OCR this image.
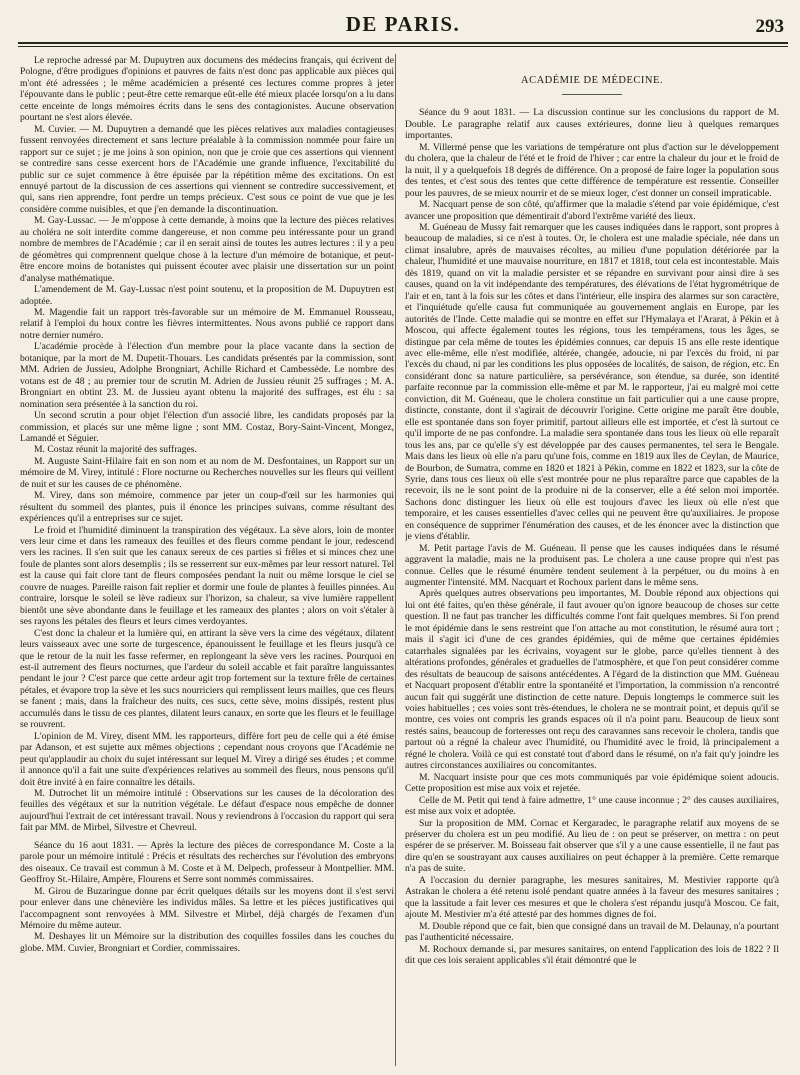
DE PARIS.	293

Le reproche adressé par M. Dupuytren aux documens des médecins français, qui écrivent de Pologne, d'être prodigues d'opinions et pauvres de faits n'est donc pas applicable aux pièces qui m'ont été adressées ; le même académicien a présenté ces lectures comme propres à jeter l'épouvante dans le public ; peut-être cette remarque eût-elle été mieux placée lorsqu'on a lu dans cette enceinte de longs mémoires écrits dans le sens des contagionistes. Aucune observation pourtant ne s'est alors élevée.

M. Cuvier. — M. Dupuytren a demandé que les pièces relatives aux maladies contagieuses fussent renvoyées directement et sans lecture préalable à la commission nommée pour faire un rapport sur ce sujet ; je me joins à son opinion, non que je croie que ces assertions qui viennent se contredire sans cesse exercent hors de l'Académie une grande influence, l'excitabilité du public sur ce sujet commence à être épuisée par la répétition même des excitations. On est ennuyé partout de la discussion de ces assertions qui viennent se contredire successivement, et qui, sans rien apprendre, font perdre un temps précieux. C'est sous ce point de vue que je les considère comme nuisibles, et que j'en demande la discontinuation.

M. Gay-Lussac. — Je m'oppose à cette demande, à moins que la lecture des pièces relatives au choléra ne soit interdite comme dangereuse, et non comme peu intéressante pour un grand nombre de membres de l'Académie ; car il en serait ainsi de toutes les autres lectures : il y a peu de géomètres qui comprennent quelque chose à la lecture d'un mémoire de botanique, et peut-être encore moins de botanistes qui puissent écouter avec plaisir une dissertation sur un point d'analyse mathématique.

L'amendement de M. Gay-Lussac n'est point soutenu, et la proposition de M. Dupuytren est adoptée.

M. Magendie fait un rapport très-favorable sur un mémoire de M. Emmanuel Rousseau, relatif à l'emploi du houx contre les fièvres intermittentes. Nous avons publié ce rapport dans notre dernier numéro.

L'académie procède à l'élection d'un membre pour la place vacante dans la section de botanique, par la mort de M. Dupetit-Thouars. Les candidats présentés par la commission, sont MM. Adrien de Jussieu, Adolphe Brongniart, Achille Richard et Cambessède. Le nombre des votans est de 48 ; au premier tour de scrutin M. Adrien de Jussieu réunit 25 suffrages ; M. A. Brongniart en obtint 23. M. de Jussieu ayant obtenu la majorité des suffrages, est élu : sa nomination sera présentée à la sanction du roi.

Un second scrutin a pour objet l'élection d'un associé libre, les candidats proposés par la commission, et placés sur une même ligne ; sont MM. Costaz, Bory-Saint-Vincent, Mongez, Lamandé et Séguier.

M. Costaz réunit la majorité des suffrages.

M. Auguste Saint-Hilaire fait en son nom et au nom de M. Desfontaines, un Rapport sur un mémoire de M. Virey, intitulé : Flore nocturne ou Recherches nouvelles sur les fleurs qui veillent de nuit et sur les causes de ce phénomène.

M. Virey, dans son mémoire, commence par jeter un coup-d'œil sur les harmonies qui résultent du sommeil des plantes, puis il énonce les principes suivans, comme résultant des expériences qu'il a entreprises sur ce sujet.

Le froid et l'humidité diminuent la transpiration des végétaux. La sève alors, loin de monter vers leur cime et dans les rameaux des feuilles et des fleurs comme pendant le jour, redescend vers les racines. Il s'en suit que les canaux sereux de ces parties si frêles et si minces chez une foule de plantes sont alors desemplis ; ils se resserrent sur eux-mêmes par leur ressort naturel. Tel est la cause qui fait clore tant de fleurs composées pendant la nuit ou même lorsque le ciel se couvre de nuages. Pareille raison fait replier et dormir une foule de plantes à feuilles pinnées. Au contraire, lorsque le soleil se lève radieux sur l'horizon, sa chaleur, sa vive lumière rappellent bientôt une sève abondante dans le feuillage et les rameaux des plantes ; alors on voit s'étaler à ses rayons les pétales des fleurs et leurs cimes verdoyantes.

C'est donc la chaleur et la lumière qui, en attirant la sève vers la cime des végétaux, dilatent leurs vaisseaux avec une sorte de turgescence, épanouissent le feuillage et les fleurs jusqu'à ce que le retour de la nuit les fasse refermer, en replongeant la sève vers les racines. Pourquoi en est-il autrement des fleurs nocturnes, que l'ardeur du soleil accable et fait paraître languissantes pendant le jour ? C'est parce que cette ardeur agit trop fortement sur la texture frêle de certaines pétales, et évapore trop la sève et les sucs nourriciers qui remplissent leurs mailles, que ces fleurs se fanent ; mais, dans la fraîcheur des nuits, ces sucs, cette sève, moins dissipés, restent plus accumulés dans le tissu de ces plantes, dilatent leurs canaux, en sorte que les fleurs et le feuillage se rouvrent.

L'opinion de M. Virey, disent MM. les rapporteurs, diffère fort peu de celle qui a été émise par Adanson, et est sujette aux mêmes objections ; cependant nous croyons que l'Académie ne peut qu'applaudir au choix du sujet intéressant sur lequel M. Virey a dirigé ses études ; et comme il annonce qu'il a fait une suite d'expériences relatives au sommeil des fleurs, nous pensons qu'il doit être invité à en faire connaître les détails.

M. Dutrochet lit un mémoire intitulé : Observations sur les causes de la décoloration des feuilles des végétaux et sur la nutrition végétale. Le défaut d'espace nous empêche de donner aujourd'hui l'extrait de cet intéressant travail. Nous y reviendrons à l'occasion du rapport qui sera fait par MM. de Mirbel, Silvestre et Chevreul.

Séance du 16 aout 1831. — Après la lecture des pièces de correspondance M. Coste a la parole pour un mémoire intitulé : Précis et résultats des recherches sur l'évolution des embryons des oiseaux. Ce travail est commun à M. Coste et à M. Delpech, professeur à Montpellier. MM. Geoffroy St.-Hilaire, Ampère, Flourens et Serre sont nommés commissaires.

M. Girou de Buzaringue donne par écrit quelques détails sur les moyens dont il s'est servi pour enlever dans une chènevière les individus mâles. Sa lettre et les pièces justificatives qui l'accompagnent sont renvoyées à MM. Silvestre et Mirbel, déjà chargés de l'examen d'un Mémoire du même auteur.

M. Deshayes lit un Mémoire sur la distribution des coquilles fossiles dans les couches du globe. MM. Cuvier, Brongniart et Cordier, commissaires.

ACADÉMIE DE MÉDECINE.

Séance du 9 aout 1831. — La discussion continue sur les conclusions du rapport de M. Double. Le paragraphe relatif aux causes extérieures, donne lieu à quelques remarques importantes.

M. Villermé pense que les variations de température ont plus d'action sur le développement du cholera, que la chaleur de l'été et le froid de l'hiver ; car entre la chaleur du jour et le froid de la nuit, il y a quelquefois 18 degrés de différence. On a proposé de faire loger la population sous des tentes, et c'est sous des tentes que cette différence de température est ressentie. Conseiller pour les pauvres, de se mieux nourrir et de se mieux loger, c'est donner un conseil impraticable.

M. Nacquart pense de son côté, qu'affirmer que la maladie s'étend par voie épidémique, c'est avancer une proposition que démentirait d'abord l'extrême variété des lieux.

M. Guéneau de Mussy fait remarquer que les causes indiquées dans le rapport, sont propres à beaucoup de maladies, si ce n'est à toutes. Or, le cholera est une maladie spéciale, née dans un climat insalubre, après de mauvaises récoltes, au milieu d'une population détériorée par la chaleur, l'humidité et une mauvaise nourriture, en 1817 et 1818, tout cela est incontestable. Mais dès 1819, quand on vit la maladie persister et se répandre en survivant pour ainsi dire à ses causes, quand on la vit indépendante des températures, des élévations de l'état hygrométrique de l'air et en, tant à la fois sur les côtes et dans l'intérieur, elle inspira des alarmes sur son caractère, et l'inquiétude qu'elle causa fut communiquée au gouvernement anglais en Europe, par les autorités de l'Inde. Cette maladie qui se montre en effet sur l'Hymalaya et l'Ararat, à Pékin et à Moscou, qui affecte également toutes les régions, tous les tempéramens, tous les âges, se distingue par cela même de toutes les épidémies connues, car depuis 15 ans elle reste identique avec elle-même, elle n'est modifiée, altérée, changée, adoucie, ni par l'excès du froid, ni par l'excès du chaud, ni par les conditions les plus opposées de localités, de saison, de région, etc. En considérant donc sa nature particulière, sa persévérance, son étendue, sa durée, son identité parfaite reconnue par la commission elle-même et par M. le rapporteur, j'ai eu malgré moi cette conviction, dit M. Guéneau, que le cholera constitue un fait particulier qui a une cause propre, distincte, constante, dont il s'agirait de découvrir l'origine. Cette origine me paraît être double, elle est spontanée dans son foyer primitif, partout ailleurs elle est importée, et c'est là surtout ce qu'il importe de ne pas confondre. La maladie sera spontanée dans tous les lieux où elle reparaît tous les ans, par ce qu'elle s'y est développée par des causes permanentes, tel sera le Bengale. Mais dans les lieux où elle n'a paru qu'une fois, comme en 1819 aux îles de Ceylan, de Maurice, de Bourbon, de Sumatra, comme en 1820 et 1821 à Pékin, comme en 1822 et 1823, sur la côte de Syrie, dans tous ces lieux où elle s'est montrée pour ne plus reparaître parce que capables de la recevoir, ils ne le sont point de la produire ni de la conserver, elle a été selon moi importée. Sachons donc distinguer les lieux où elle est toujours d'avec les lieux où elle n'est que temporaire, et les causes essentielles d'avec celles qui ne peuvent être qu'auxiliaires. Je propose en conséquence de supprimer l'énumération des causes, et de les énoncer avec la distinction que je viens d'établir.

M. Petit partage l'avis de M. Guéneau. Il pense que les causes indiquées dans le résumé aggravent la maladie, mais ne la produisent pas. Le cholera a une cause propre qui n'est pas connue. Celles que le résumé énumère tendent seulement à la perpétuer, ou du moins à en augmenter l'intensité. MM. Nacquart et Rochoux parlent dans le même sens.

Après quelques autres observations peu importantes, M. Double répond aux objections qui lui ont été faites, qu'en thèse générale, il faut avouer qu'on ignore beaucoup de choses sur cette question. Il ne faut pas trancher les difficultés comme l'ont fait quelques membres. Si l'on prend le mot épidémie dans le sens restreint que l'on attache au mot constitution, le résumé aura tort ; mais il s'agit ici d'une de ces grandes épidémies, qui de même que certaines épidémies catarrhales signalées par les écrivains, voyagent sur le globe, parce qu'elles tiennent à des altérations profondes, générales et graduelles de l'atmosphère, et que l'on peut considérer comme des résultats de beaucoup de saisons antécédentes. A l'égard de la distinction que MM. Guéneau et Nacquart proposent d'établir entre la spontanéité et l'importation, la commission n'a rencontré aucun fait qui suggérât une distinction de cette nature. Depuis longtemps le commerce suit les voies habituelles ; ces voies sont très-étendues, le cholera ne se montrait point, et depuis qu'il se montre, ces voies ont compris les grands espaces où il n'a point paru. Beaucoup de lieux sont restés sains, beaucoup de forteresses ont reçu des caravannes sans recevoir le cholera, tandis que partout où a régné la chaleur avec l'humidité, ou l'humidité avec le froid, là principalement a régné le cholera. Voilà ce qui est constaté tout d'abord dans le résumé, on n'a fait qu'y joindre les autres circonstances auxiliaires ou concomitantes.

M. Nacquart insiste pour que ces mots communiqués par voie épidémique soient adoucis. Cette proposition est mise aux voix et rejetée.

Celle de M. Petit qui tend à faire admettre, 1° une cause inconnue ; 2° des causes auxiliaires, est mise aux voix et adoptée.

Sur la proposition de MM. Cornac et Kergaradec, le paragraphe relatif aux moyens de se préserver du cholera est un peu modifié. Au lieu de : on peut se préserver, on mettra : on peut espérer de se préserver. M. Boisseau fait observer que s'il y a une cause essentielle, il ne faut pas dire qu'en se soustrayant aux causes auxiliaires on peut échapper à la première. Cette remarque n'a pas de suite.

A l'occasion du dernier paragraphe, les mesures sanitaires, M. Mestivier rapporte qu'à Astrakan le cholera a été retenu isolé pendant quatre années à la faveur des mesures sanitaires ; que la lassitude a fait lever ces mesures et que le cholera s'est répandu jusqu'à Moscou. Ce fait, ajoute M. Mestivier m'a été attesté par des hommes dignes de foi.

M. Double répond que ce fait, bien que consigné dans un travail de M. Delaunay, n'a pourtant pas l'authenticité nécessaire.

M. Rochoux demande si, par mesures sanitaires, on entend l'application des lois de 1822 ? Il dit que ces lois seraient applicables s'il était démontré que le
